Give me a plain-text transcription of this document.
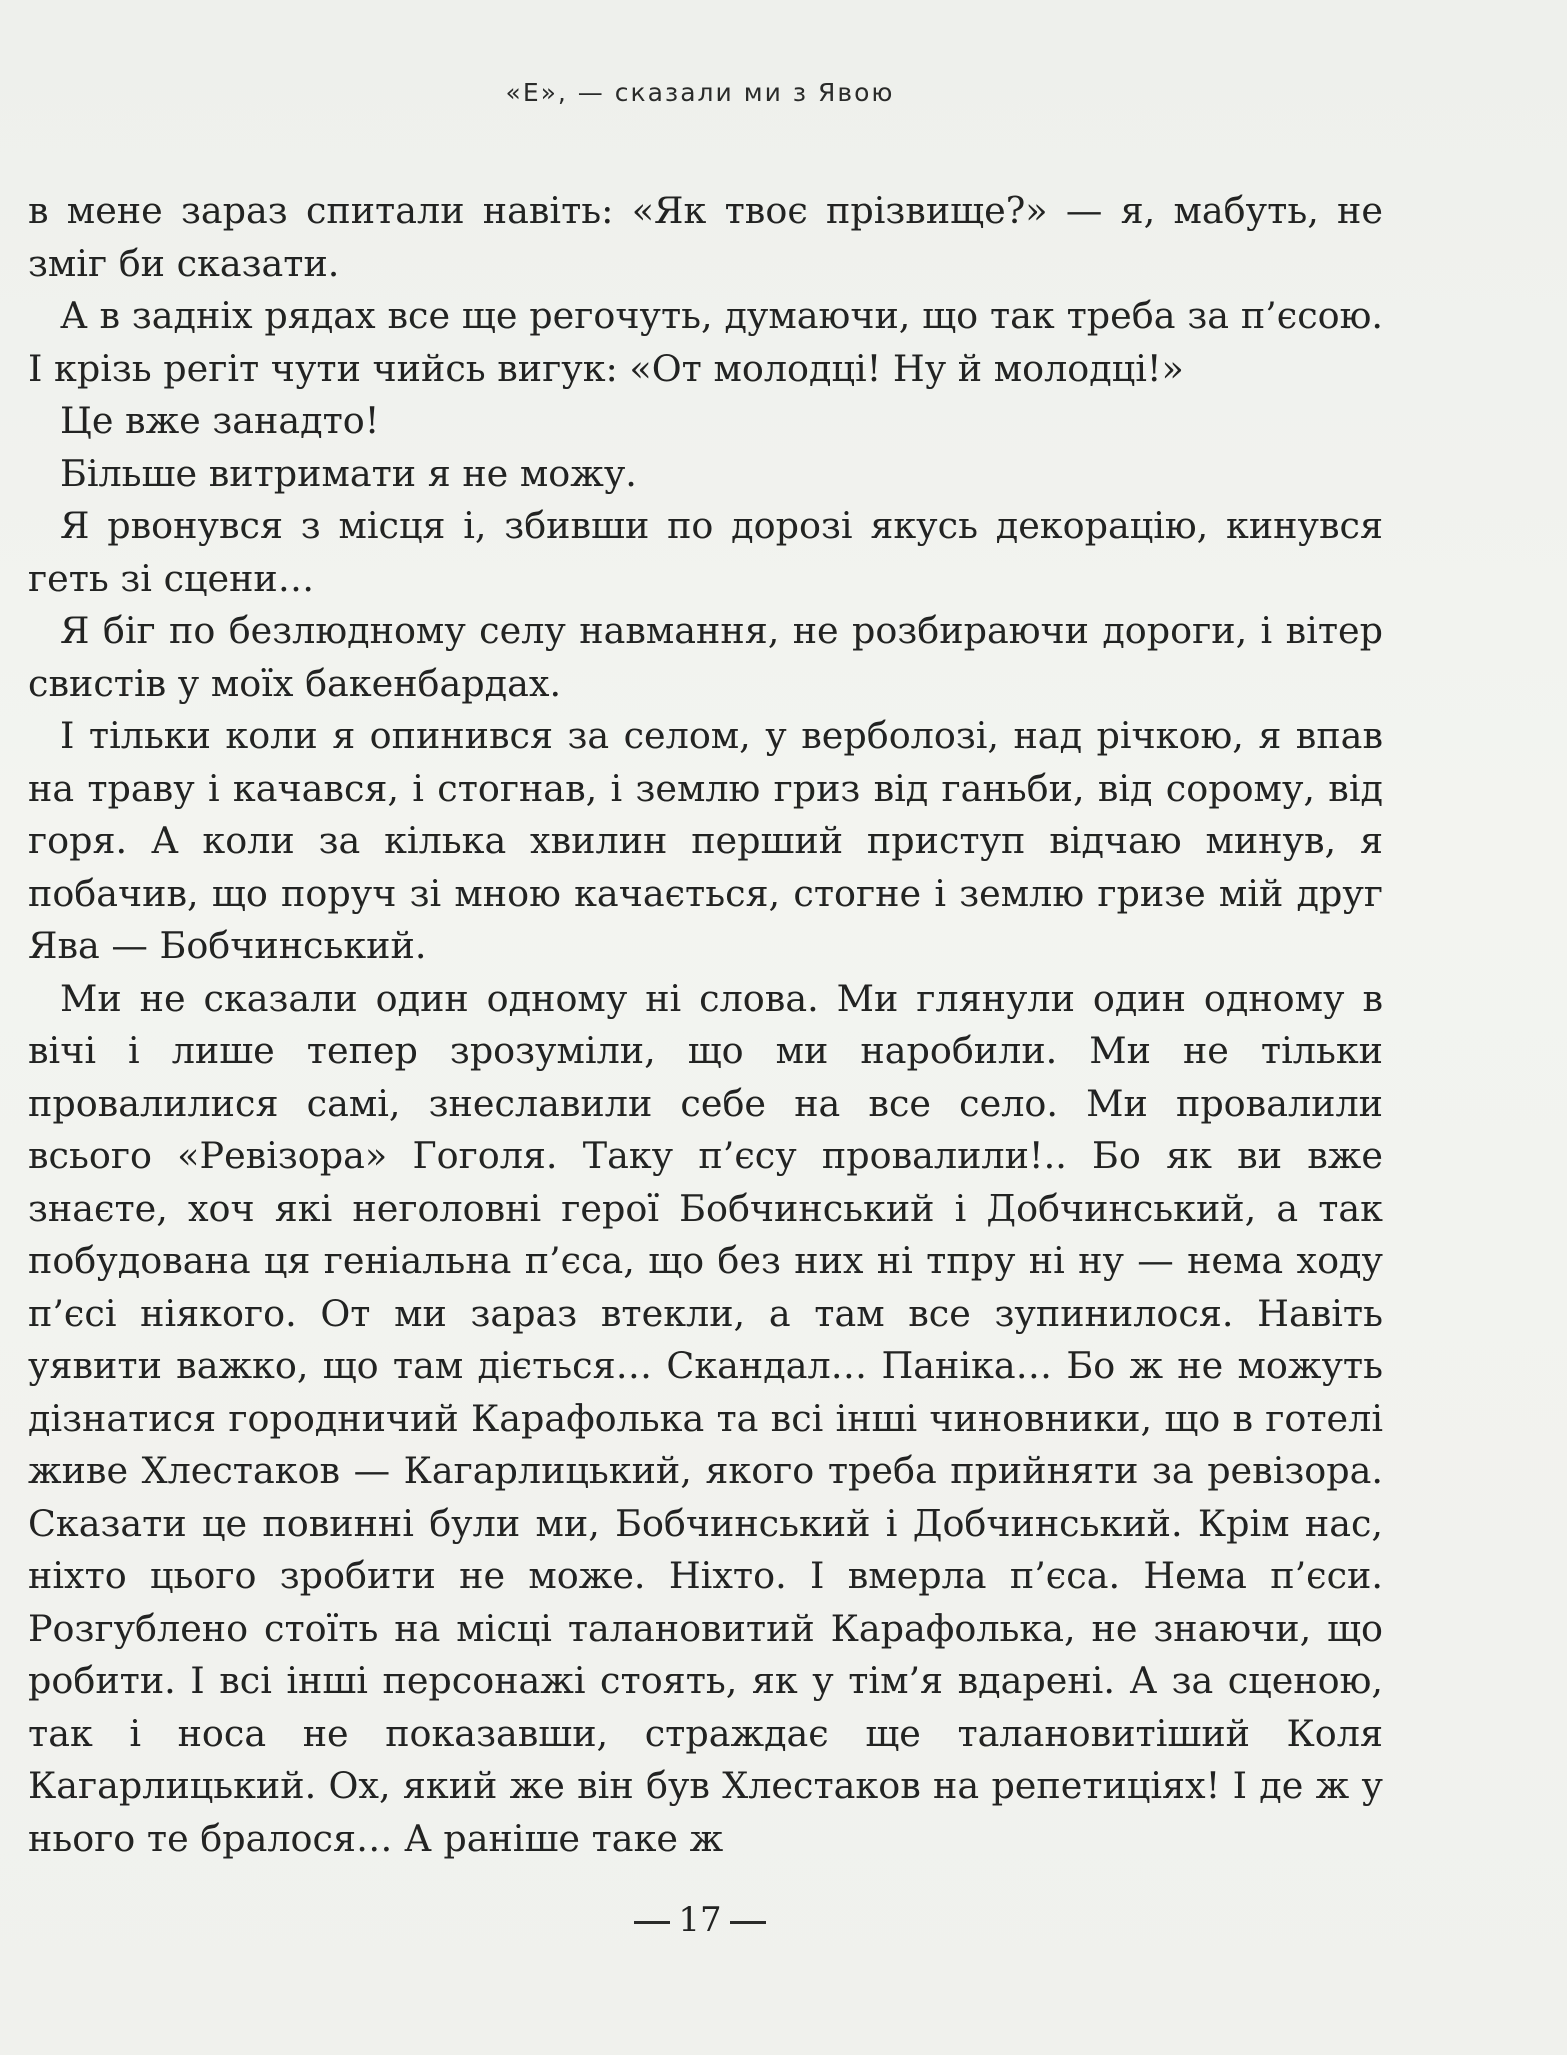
«Е», — сказали ми з Явою

в мене зараз спитали навіть: «Як твоє прізвище?» — я, мабуть, не зміг би сказати.

А в задніх рядах все ще регочуть, думаючи, що так треба за п’єсою. І крізь регіт чути чийсь вигук: «От молодці! Ну й молодці!»

Це вже занадто!

Більше витримати я не можу.

Я рвонувся з місця і, збивши по дорозі якусь декорацію, кинувся геть зі сцени…

Я біг по безлюдному селу навмання, не розбираючи дороги, і вітер свистів у моїх бакенбардах.

І тільки коли я опинився за селом, у верболозі, над річкою, я впав на траву і качався, і стогнав, і землю гриз від ганьби, від сорому, від горя. А коли за кілька хвилин перший приступ відчаю минув, я побачив, що поруч зі мною качається, стогне і землю гризе мій друг Ява — Бобчинський.

Ми не сказали один одному ні слова. Ми глянули один одному в вічі і лише тепер зрозуміли, що ми наробили. Ми не тільки провалилися самі, знеславили себе на все село. Ми провалили всього «Ревізора» Гоголя. Таку п’єсу провалили!.. Бо як ви вже знаєте, хоч які неголовні герої Бобчинський і Добчинський, а так побудована ця геніальна п’єса, що без них ні тпру ні ну — нема ходу п’єсі ніякого. От ми зараз втекли, а там все зупинилося. Навіть уявити важко, що там діється… Скандал… Паніка… Бо ж не можуть дізнатися городничий Карафолька та всі інші чиновники, що в готелі живе Хлестаков — Кагарлицький, якого треба прийняти за ревізора. Сказати це повинні були ми, Бобчинський і Добчинський. Крім нас, ніхто цього зробити не може. Ніхто. І вмерла п’єса. Нема п’єси. Розгублено стоїть на місці талановитий Карафолька, не знаючи, що робити. І всі інші персонажі стоять, як у тім’я вдарені. А за сценою, так і носа не показавши, страждає ще талановитіший Коля Кагарлицький. Ох, який же він був Хлестаков на репетиціях! І де ж у нього те бралося… А раніше таке ж

17
